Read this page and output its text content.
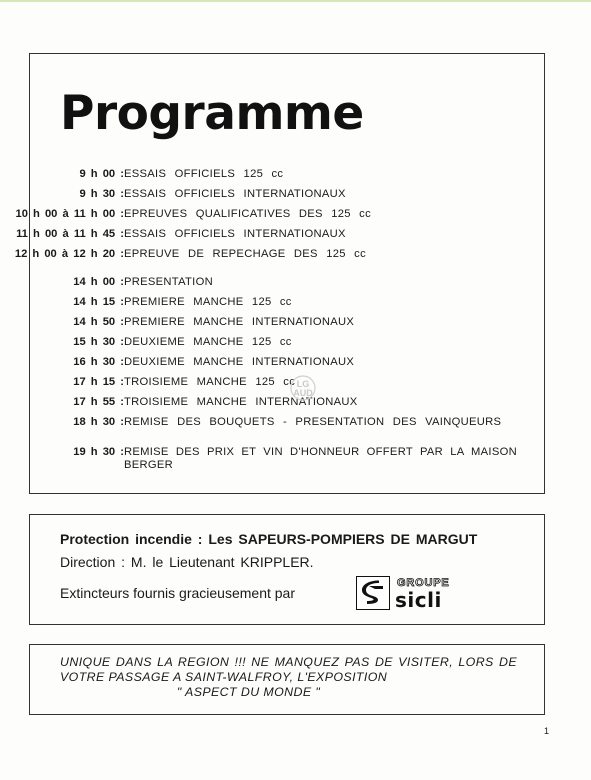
Programme
9 h 00 : ESSAIS OFFICIELS 125 cc
9 h 30 : ESSAIS OFFICIELS INTERNATIONAUX
10 h 00 à 11 h 00 : EPREUVES QUALIFICATIVES DES 125 cc
11 h 00 à 11 h 45 : ESSAIS OFFICIELS INTERNATIONAUX
12 h 00 à 12 h 20 : EPREUVE DE REPECHAGE DES 125 cc
14 h 00 : PRESENTATION
14 h 15 : PREMIERE MANCHE 125 cc
14 h 50 : PREMIERE MANCHE INTERNATIONAUX
15 h 30 : DEUXIEME MANCHE 125 cc
16 h 30 : DEUXIEME MANCHE INTERNATIONAUX
17 h 15 : TROISIEME MANCHE 125 cc
17 h 55 : TROISIEME MANCHE INTERNATIONAUX
18 h 30 : REMISE DES BOUQUETS - PRESENTATION DES VAINQUEURS
19 h 30 : REMISE DES PRIX ET VIN D'HONNEUR OFFERT PAR LA MAISON BERGER
LG
AUD
Protection incendie : Les SAPEURS-POMPIERS DE MARGUT
Direction : M. le Lieutenant KRIPPLER.
Extincteurs fournis gracieusement par
GROUPE
sicli

UNIQUE DANS LA REGION !!! NE MANQUEZ PAS DE VISITER, LORS DE VOTRE PASSAGE A SAINT-WALFROY, L'EXPOSITION
" ASPECT DU MONDE "

1
